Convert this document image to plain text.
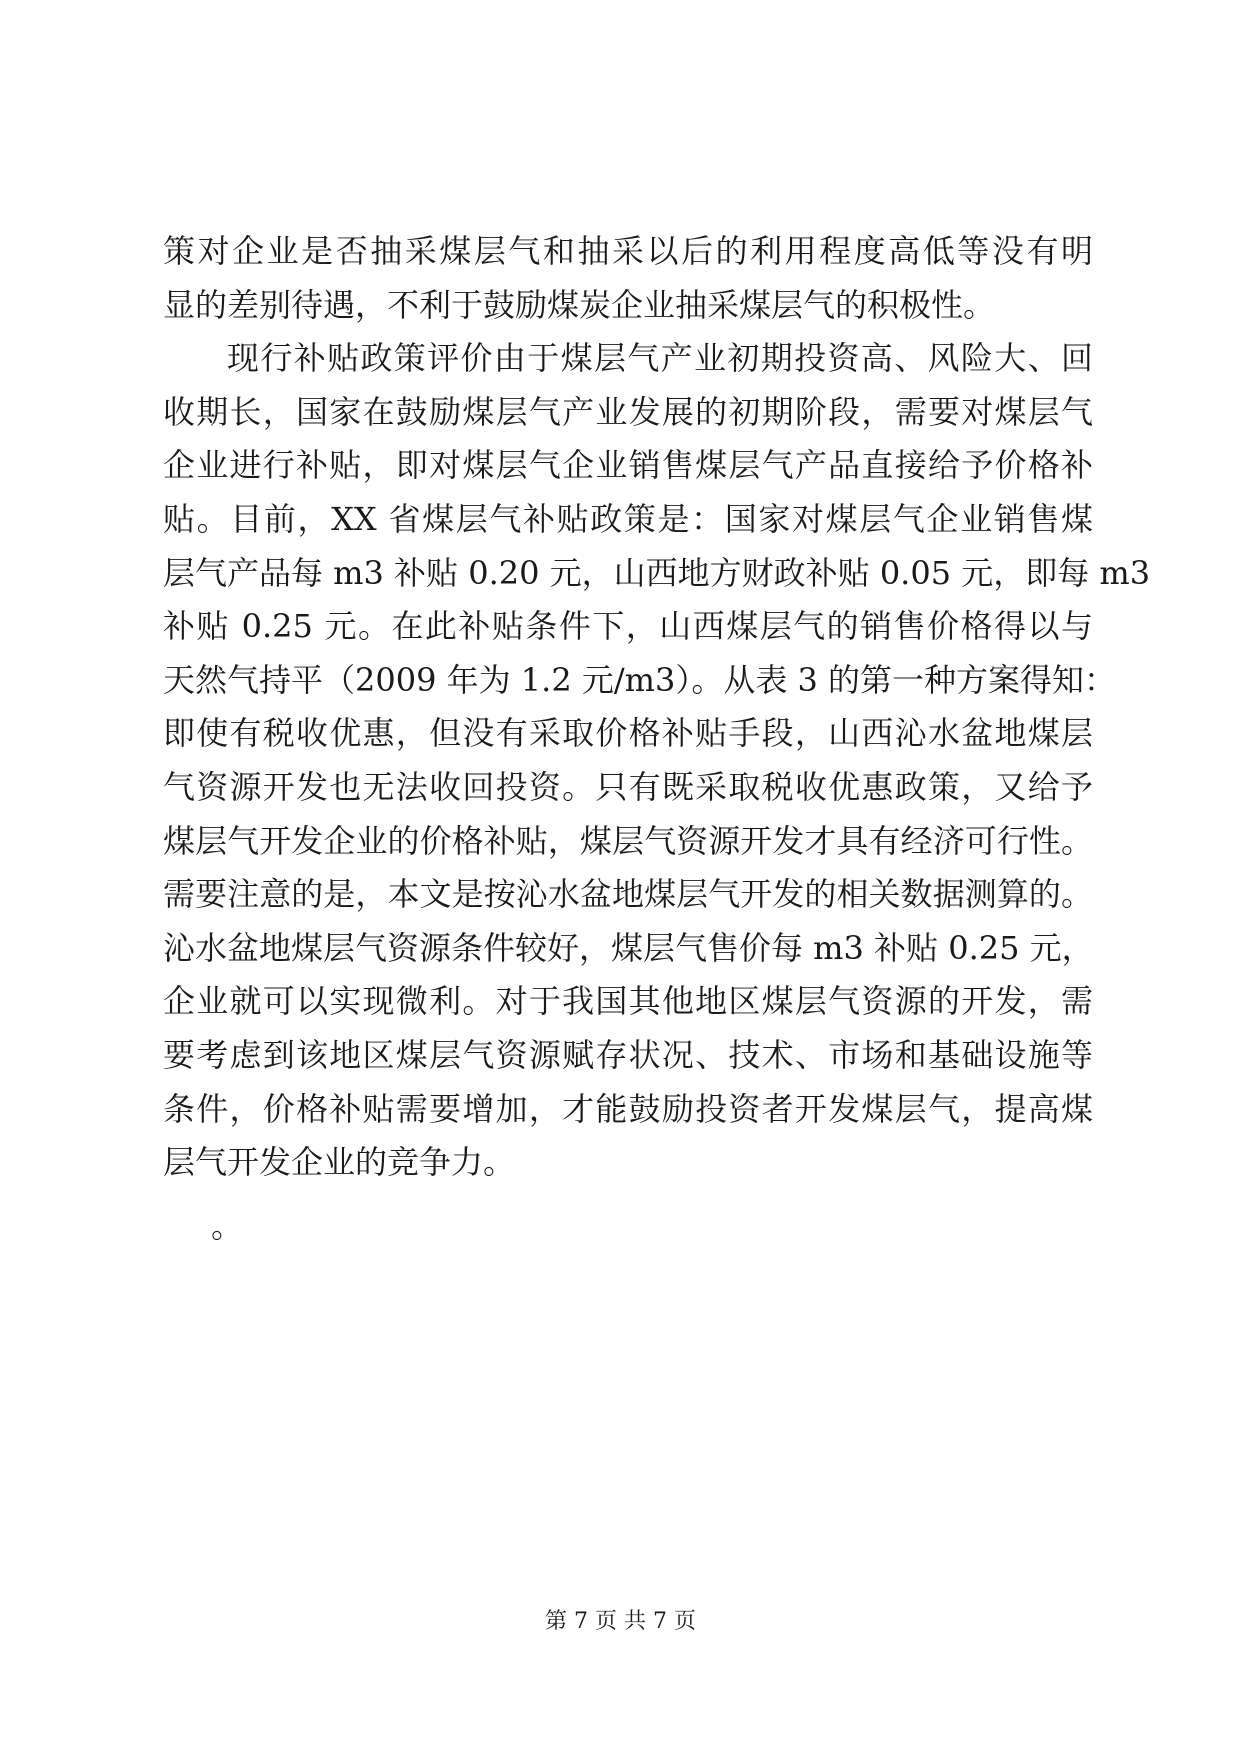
策对企业是否抽采煤层气和抽采以后的利用程度高低等没有明
显的差别待遇，不利于鼓励煤炭企业抽采煤层气的积极性。
现行补贴政策评价由于煤层气产业初期投资高、风险大、回
收期长，国家在鼓励煤层气产业发展的初期阶段，需要对煤层气
企业进行补贴，即对煤层气企业销售煤层气产品直接给予价格补
贴。目前，XX 省煤层气补贴政策是：国家对煤层气企业销售煤
层气产品每 m3 补贴 0.20 元，山西地方财政补贴 0.05 元，即每 m3
补贴 0.25 元。在此补贴条件下，山西煤层气的销售价格得以与
天然气持平（2009 年为 1.2 元/m3）。从表 3 的第一种方案得知：
即使有税收优惠，但没有采取价格补贴手段，山西沁水盆地煤层
气资源开发也无法收回投资。只有既采取税收优惠政策，又给予
煤层气开发企业的价格补贴，煤层气资源开发才具有经济可行性。
需要注意的是，本文是按沁水盆地煤层气开发的相关数据测算的。
沁水盆地煤层气资源条件较好，煤层气售价每 m3 补贴 0.25 元，
企业就可以实现微利。对于我国其他地区煤层气资源的开发，需
要考虑到该地区煤层气资源赋存状况、技术、市场和基础设施等
条件，价格补贴需要增加，才能鼓励投资者开发煤层气，提高煤
层气开发企业的竞争力。
。
第 7 页 共 7 页
